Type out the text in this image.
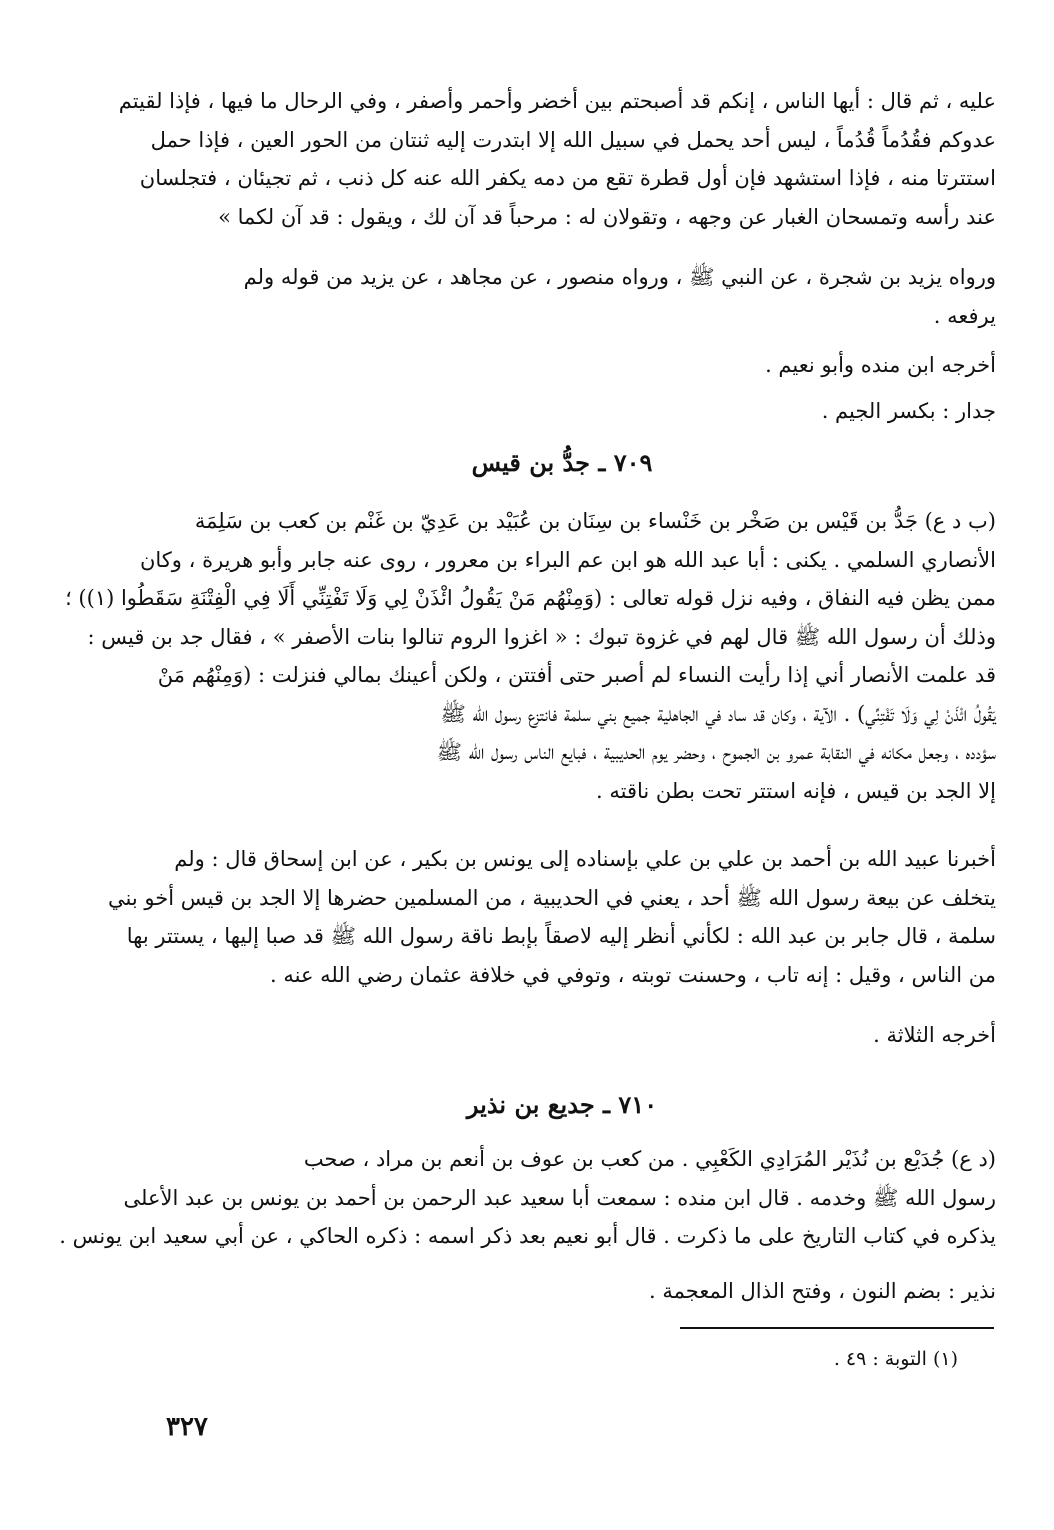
عليه ، ثم قال : أيها الناس ، إنكم قد أصبحتم بين أخضر وأحمر وأصفر ، وفي الرحال ما فيها ، فإذا لقيتم
عدوكم فقُدُماً قُدُماً ، ليس أحد يحمل في سبيل الله إلا ابتدرت إليه ثنتان من الحور العين ، فإذا حمل
استترتا منه ، فإذا استشهد فإن أول قطرة تقع من دمه يكفر الله عنه كل ذنب ، ثم تجيئان ، فتجلسان
عند رأسه وتمسحان الغبار عن وجهه ، وتقولان له : مرحباً قد آن لك ، ويقول : قد آن لكما »
ورواه يزيد بن شجرة ، عن النبي ﷺ ، ورواه منصور ، عن مجاهد ، عن يزيد من قوله ولم
يرفعه .
أخرجه ابن منده وأبو نعيم .
جدار : بكسر الجيم .
٧٠٩ ـ جدُّ بن قيس
(ب د ع) جَدُّ بن قَيْس بن صَخْر بن خَنْساء بن سِنَان بن عُبَيْد بن عَدِيّ بن غَنْم بن كعب بن سَلِمَة
الأنصاري السلمي . يكنى : أبا عبد الله هو ابن عم البراء بن معرور ، روى عنه جابر وأبو هريرة ، وكان
ممن يظن فيه النفاق ، وفيه نزل قوله تعالى : (وَمِنْهُم مَنْ يَقُولُ ائْذَنْ لِي وَلَا تَفْتِنِّي أَلَا فِي الْفِتْنَةِ سَقَطُوا (١)) ؛
وذلك أن رسول الله ﷺ قال لهم في غزوة تبوك : « اغزوا الروم تنالوا بنات الأصفر » ، فقال جد بن قيس :
قد علمت الأنصار أني إذا رأيت النساء لم أصبر حتى أفتتن ، ولكن أعينك بمالي فنزلت : (وَمِنْهُم مَنْ
يَقُولُ ائْذَنْ لِي وَلَا تَفْتِنِّي) . الآية ، وكان قد ساد في الجاهلية جميع بني سلمة فانتزع رسول الله ﷺ
سؤدده ، وجعل مكانه في النقابة عمرو بن الجموح ، وحضر يوم الحديبية ، فبايع الناس رسول الله ﷺ
إلا الجد بن قيس ، فإنه استتر تحت بطن ناقته .
أخبرنا عبيد الله بن أحمد بن علي بن علي بإسناده إلى يونس بن بكير ، عن ابن إسحاق قال : ولم
يتخلف عن بيعة رسول الله ﷺ أحد ، يعني في الحديبية ، من المسلمين حضرها إلا الجد بن قيس أخو بني
سلمة ، قال جابر بن عبد الله : لكأني أنظر إليه لاصقاً بإبط ناقة رسول الله ﷺ قد صبا إليها ، يستتر بها
من الناس ، وقيل : إنه تاب ، وحسنت توبته ، وتوفي في خلافة عثمان رضي الله عنه .
أخرجه الثلاثة .
٧١٠ ـ جديع بن نذير
(د ع) جُدَيْع بن نُذَيْر المُرَادِي الكَعْبِي . من كعب بن عوف بن أنعم بن مراد ، صحب
رسول الله ﷺ وخدمه . قال ابن منده : سمعت أبا سعيد عبد الرحمن بن أحمد بن يونس بن عبد الأعلى
يذكره في كتاب التاريخ على ما ذكرت . قال أبو نعيم بعد ذكر اسمه : ذكره الحاكي ، عن أبي سعيد ابن يونس .
نذير : بضم النون ، وفتح الذال المعجمة .
(١) التوبة : ٤٩ .
٣٢٧
